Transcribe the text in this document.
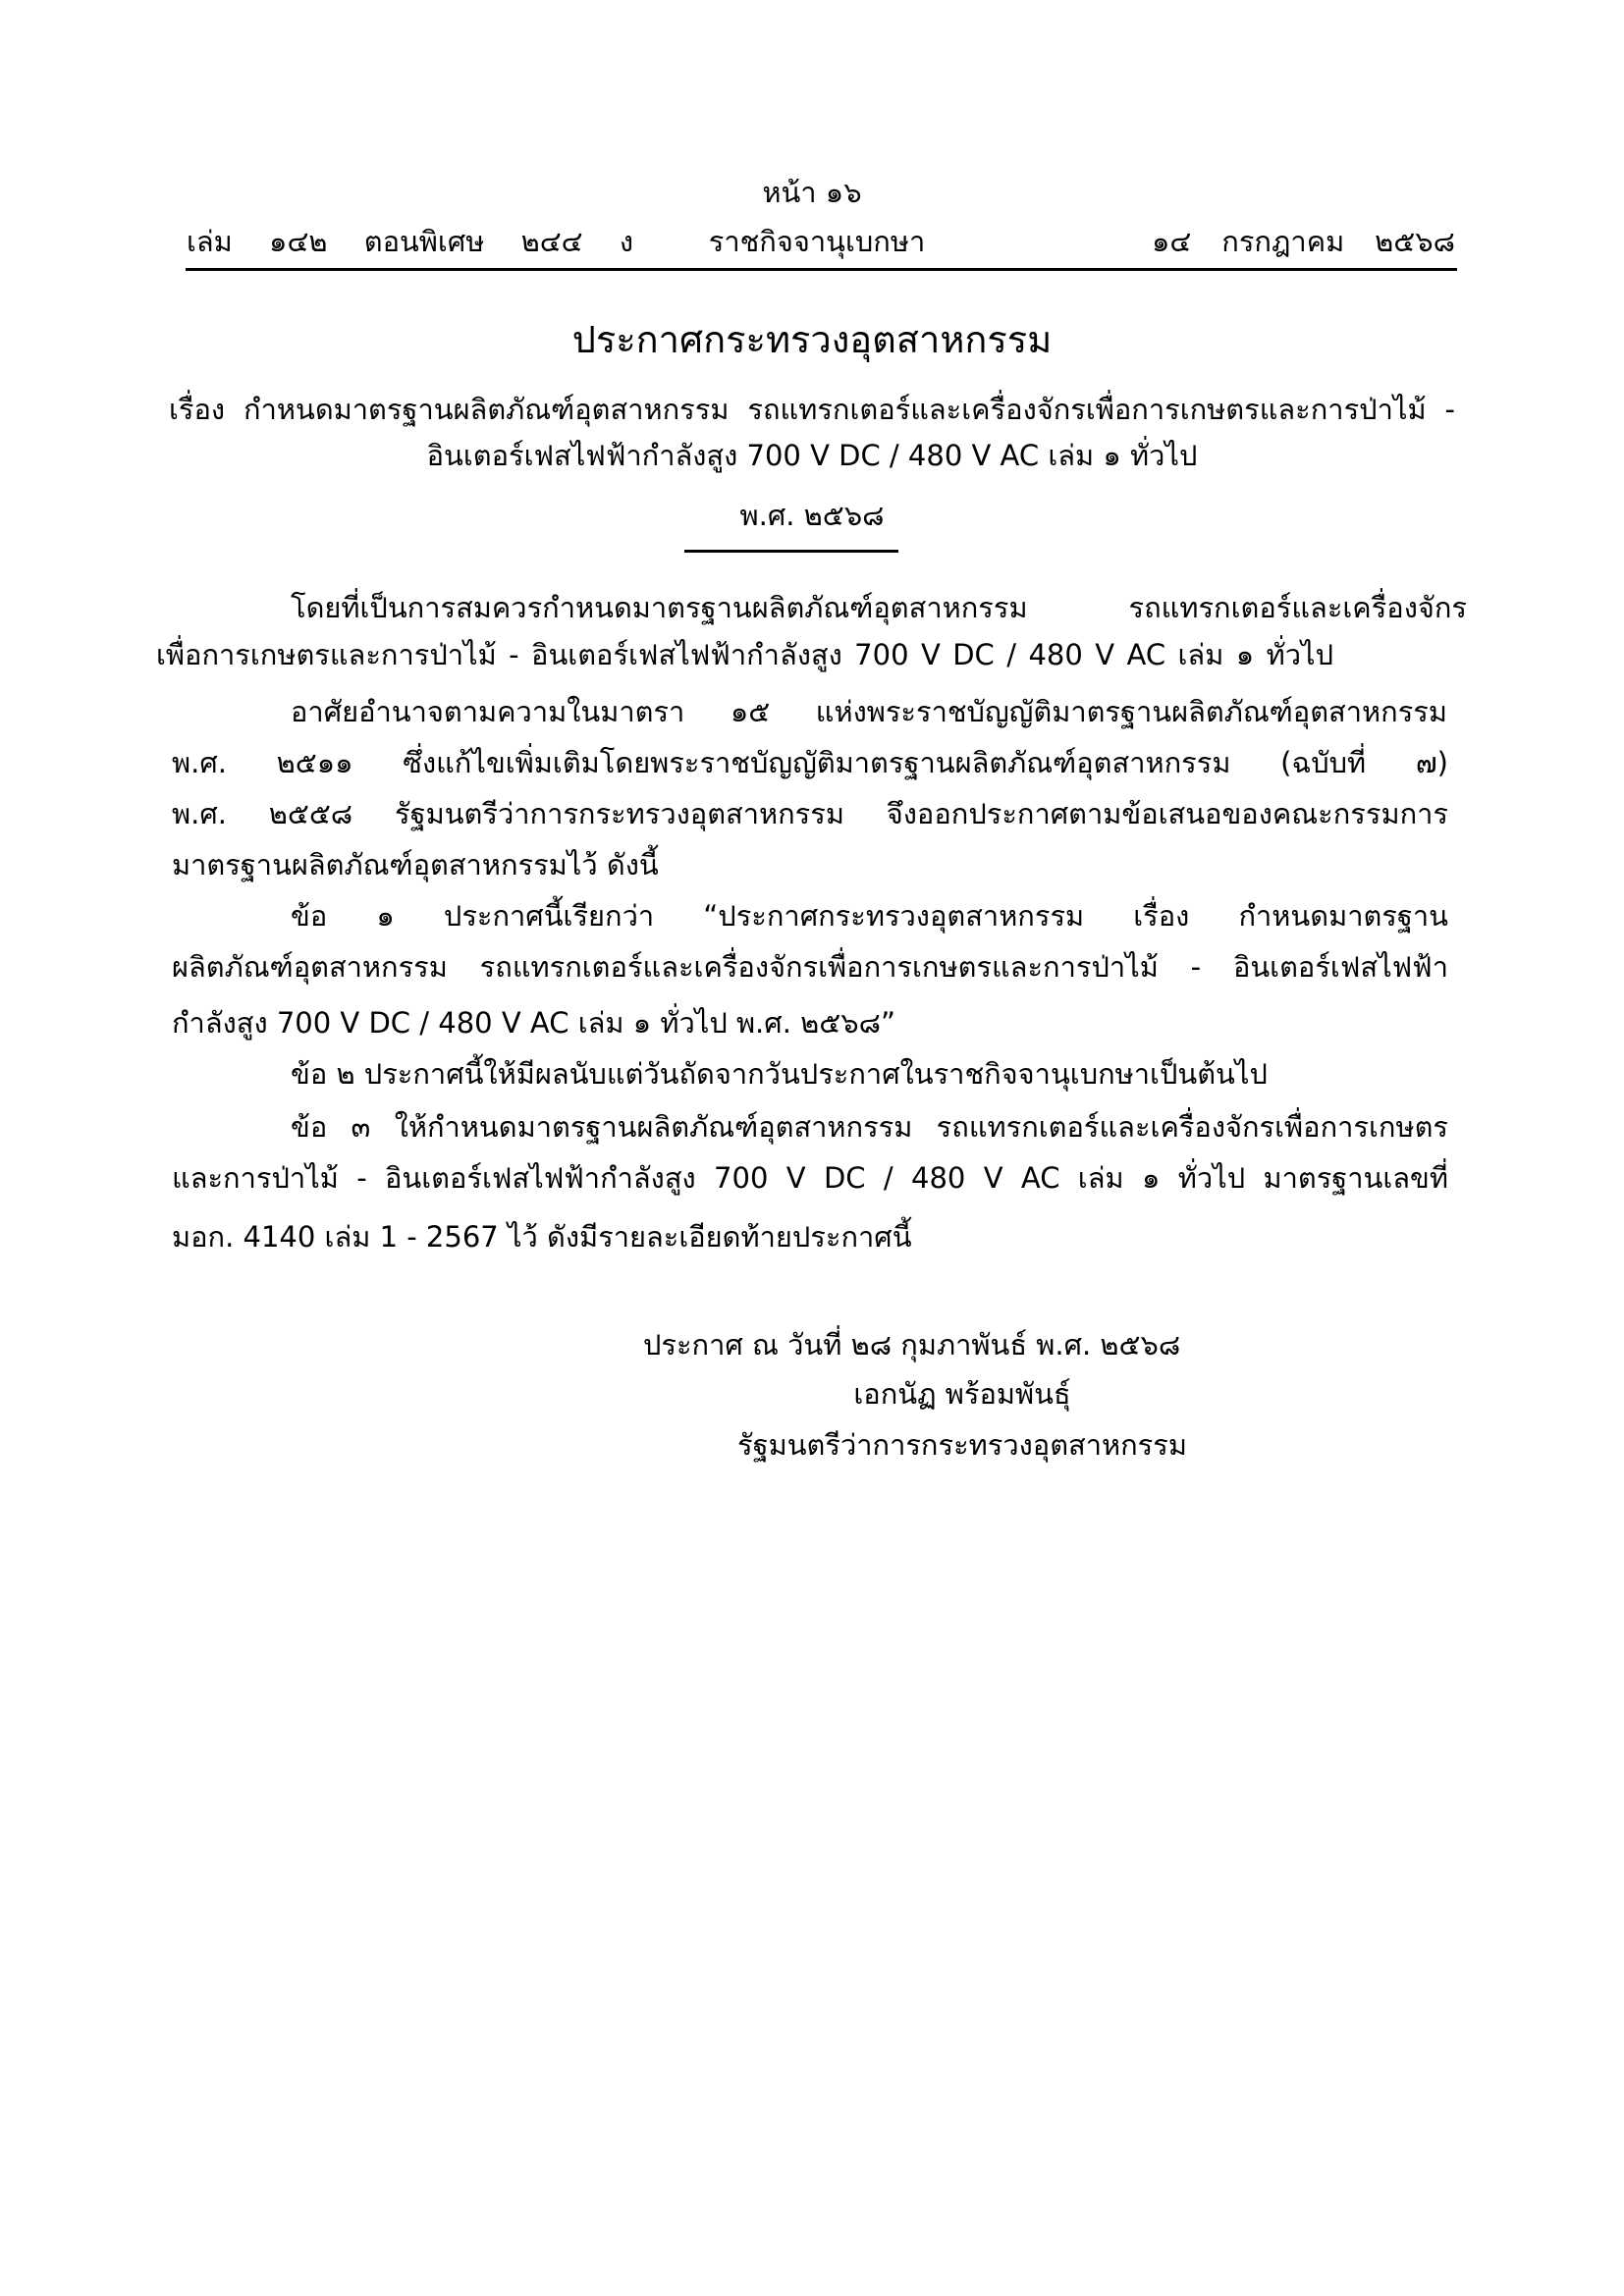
หน้า ๑๖
เล่ม ๑๔๒ ตอนพิเศษ ๒๔๔ ง	ราชกิจจานุเบกษา	๑๔ กรกฎาคม ๒๕๖๘
ประกาศกระทรวงอุตสาหกรรม
เรื่อง กำหนดมาตรฐานผลิตภัณฑ์อุตสาหกรรม รถแทรกเตอร์และเครื่องจักรเพื่อการเกษตรและการป่าไม้ -
อินเตอร์เฟสไฟฟ้ากำลังสูง 700 V DC / 480 V AC เล่ม ๑ ทั่วไป
พ.ศ. ๒๕๖๘
โดยที่เป็นการสมควรกำหนดมาตรฐานผลิตภัณฑ์อุตสาหกรรม รถแทรกเตอร์และเครื่องจักร
เพื่อการเกษตรและการป่าไม้ - อินเตอร์เฟสไฟฟ้ากำลังสูง 700 V DC / 480 V AC เล่ม ๑ ทั่วไป
อาศัยอำนาจตามความในมาตรา ๑๕ แห่งพระราชบัญญัติมาตรฐานผลิตภัณฑ์อุตสาหกรรม
พ.ศ. ๒๕๑๑ ซึ่งแก้ไขเพิ่มเติมโดยพระราชบัญญัติมาตรฐานผลิตภัณฑ์อุตสาหกรรม (ฉบับที่ ๗)
พ.ศ. ๒๕๕๘ รัฐมนตรีว่าการกระทรวงอุตสาหกรรม จึงออกประกาศตามข้อเสนอของคณะกรรมการ
มาตรฐานผลิตภัณฑ์อุตสาหกรรมไว้ ดังนี้
ข้อ ๑ ประกาศนี้เรียกว่า “ประกาศกระทรวงอุตสาหกรรม เรื่อง กำหนดมาตรฐาน
ผลิตภัณฑ์อุตสาหกรรม รถแทรกเตอร์และเครื่องจักรเพื่อการเกษตรและการป่าไม้ - อินเตอร์เฟสไฟฟ้า
กำลังสูง 700 V DC / 480 V AC เล่ม ๑ ทั่วไป พ.ศ. ๒๕๖๘”
ข้อ ๒ ประกาศนี้ให้มีผลนับแต่วันถัดจากวันประกาศในราชกิจจานุเบกษาเป็นต้นไป
ข้อ ๓ ให้กำหนดมาตรฐานผลิตภัณฑ์อุตสาหกรรม รถแทรกเตอร์และเครื่องจักรเพื่อการเกษตร
และการป่าไม้ - อินเตอร์เฟสไฟฟ้ากำลังสูง 700 V DC / 480 V AC เล่ม ๑ ทั่วไป มาตรฐานเลขที่
มอก. 4140 เล่ม 1 - 2567 ไว้ ดังมีรายละเอียดท้ายประกาศนี้
ประกาศ ณ วันที่ ๒๘ กุมภาพันธ์ พ.ศ. ๒๕๖๘
เอกนัฏ พร้อมพันธุ์
รัฐมนตรีว่าการกระทรวงอุตสาหกรรม
